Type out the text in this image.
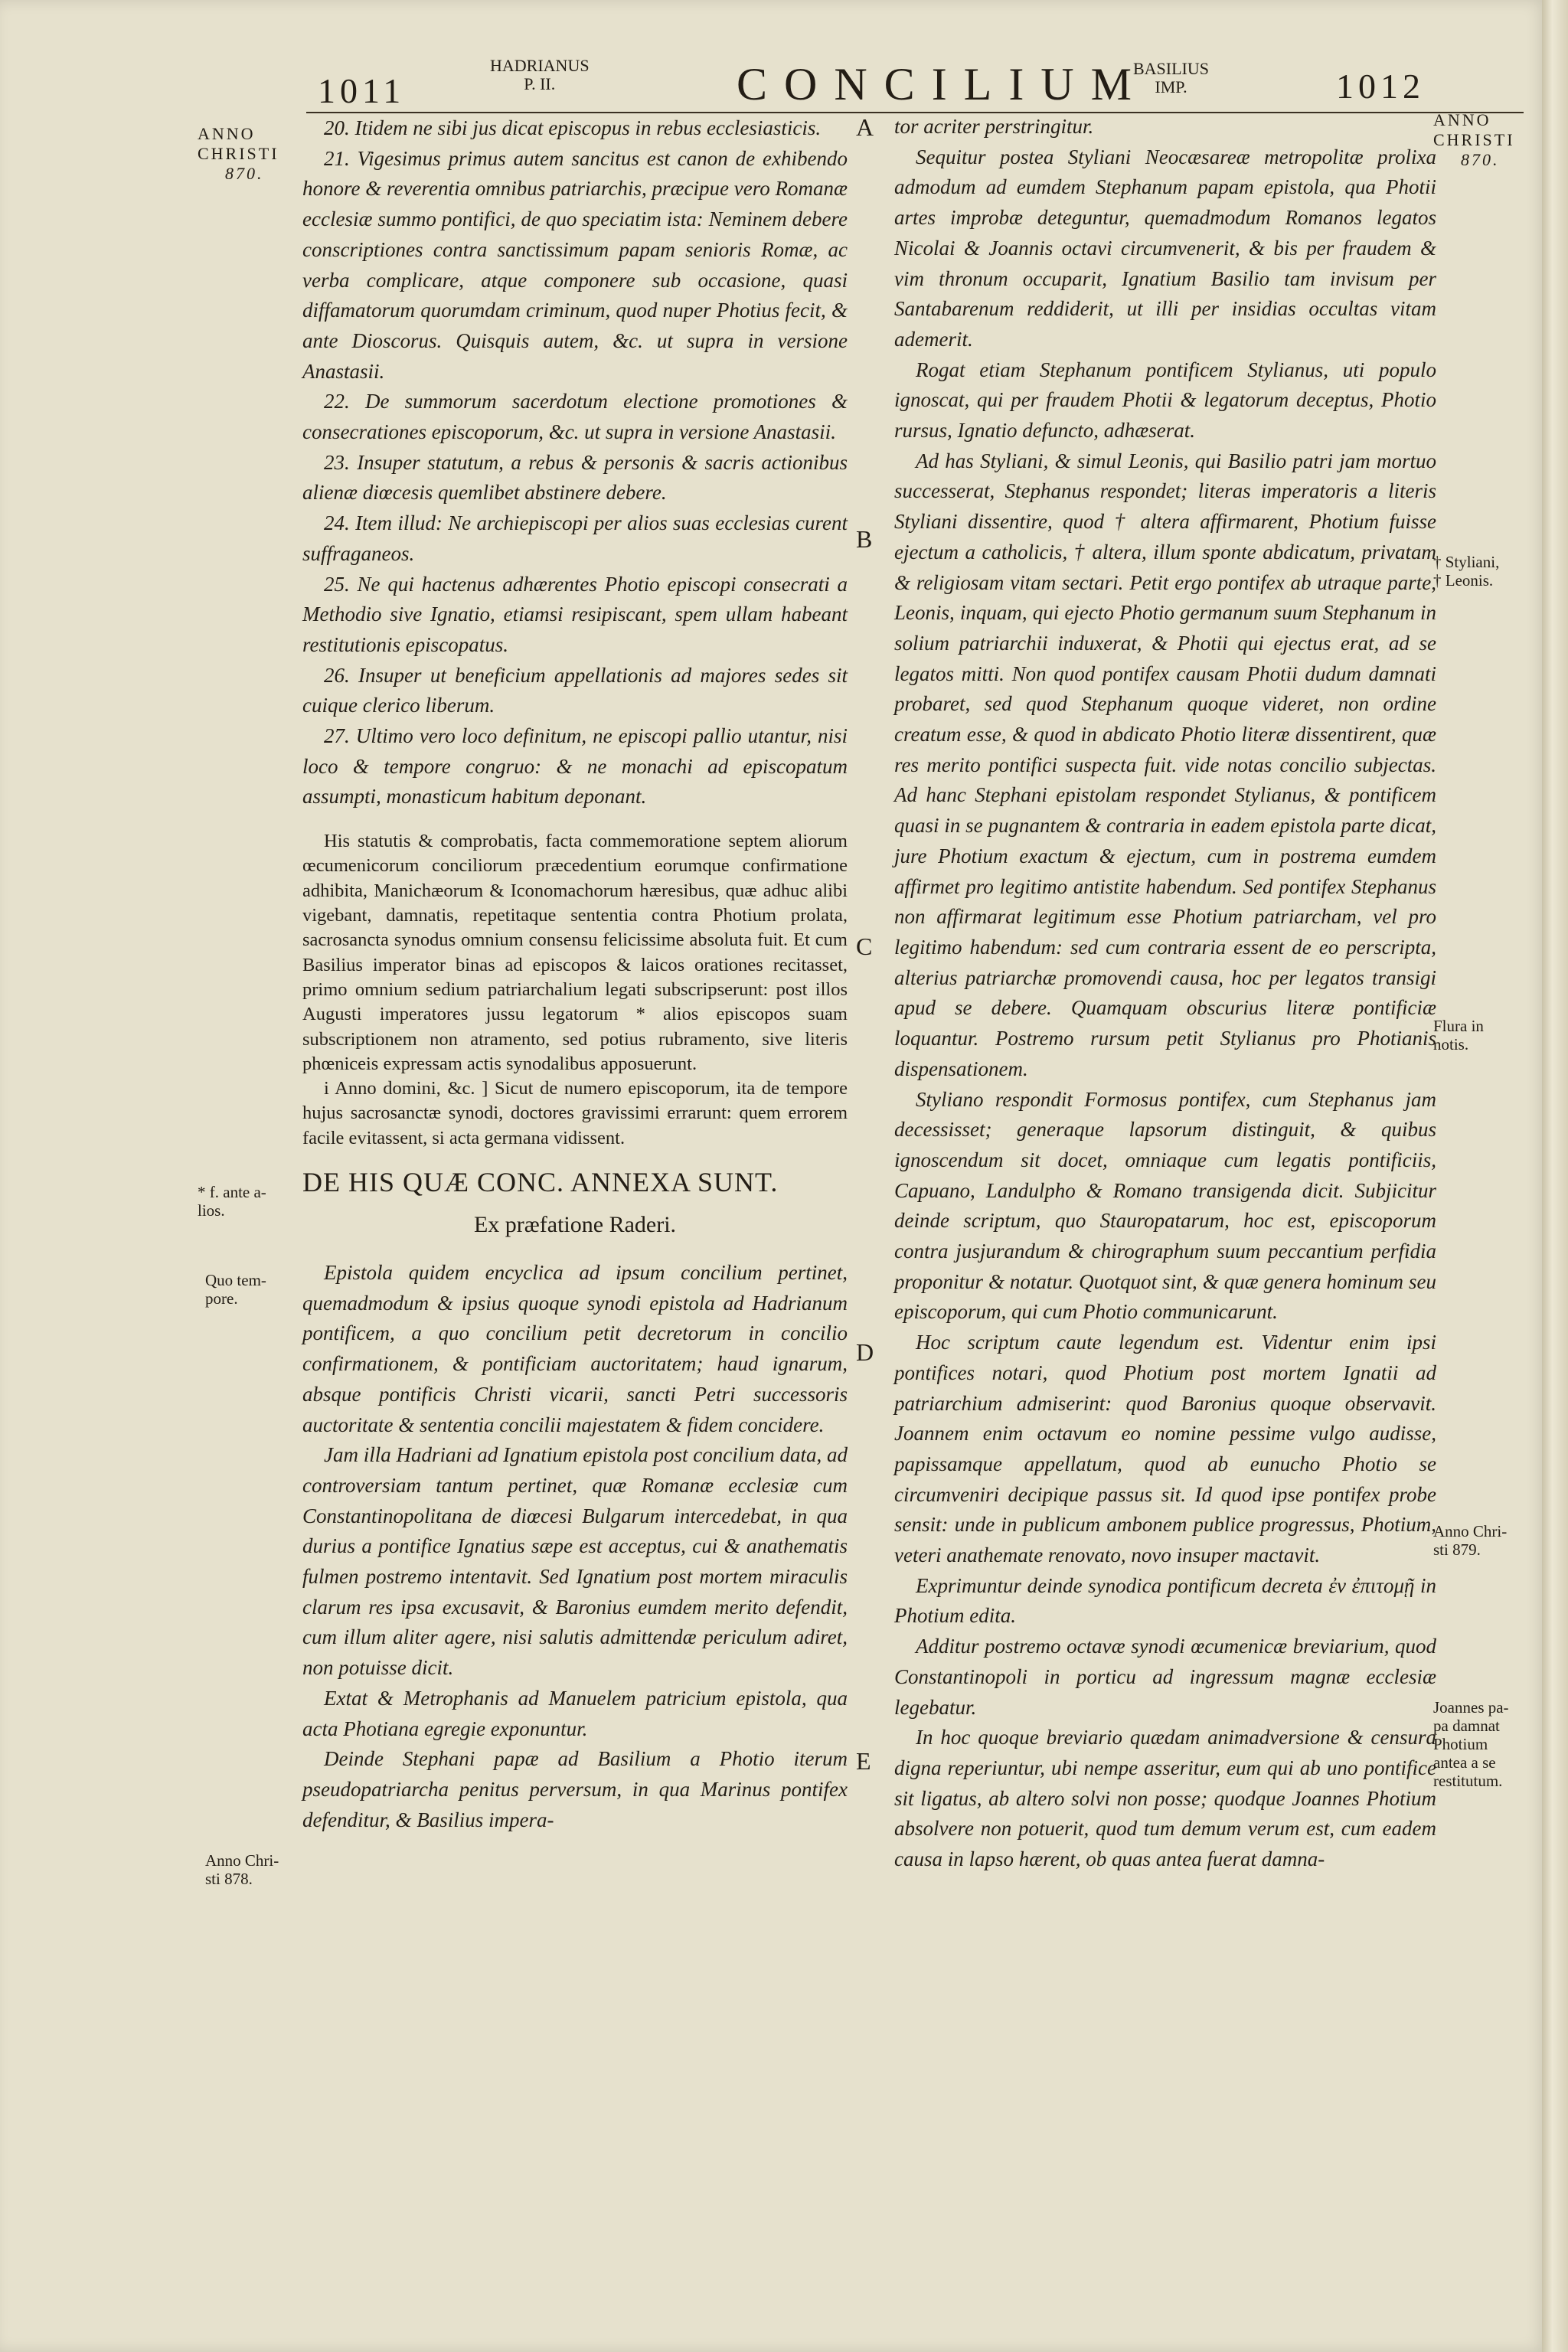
1011
HADRIANUS
P. II.	CONCILIUM
BASILIUS
IMP.	1012
ANNO
CHRISTI
870.
ANNO
CHRISTI
870.
* f. ante a-
lios.
Quo tem-
pore.
Anno Chri-
sti 878.
† Styliani,
† Leonis.
Flura in
notis.
Anno Chri-
sti 879.
Joannes pa-
pa damnat
Photium
antea a se
restitutum.
A
B
C
D
E

20. Itidem ne sibi jus dicat episcopus in rebus ecclesiasticis.

21. Vigesimus primus autem sancitus est canon de exhibendo honore & reverentia omnibus patriarchis, præcipue vero Romanæ ecclesiæ summo pontifici, de quo speciatim ista: Neminem debere conscriptiones contra sanctissimum papam senioris Romæ, ac verba complicare, atque componere sub occasione, quasi diffamatorum quorumdam criminum, quod nuper Photius fecit, & ante Dioscorus. Quisquis autem, &c. ut supra in versione Anastasii.

22. De summorum sacerdotum electione promotiones & consecrationes episcoporum, &c. ut supra in versione Anastasii.

23. Insuper statutum, a rebus & personis & sacris actionibus alienæ diœcesis quemlibet abstinere debere.

24. Item illud: Ne archiepiscopi per alios suas ecclesias curent suffraganeos.

25. Ne qui hactenus adhærentes Photio episcopi consecrati a Methodio sive Ignatio, etiamsi resipiscant, spem ullam habeant restitutionis episcopatus.

26. Insuper ut beneficium appellationis ad majores sedes sit cuique clerico liberum.

27. Ultimo vero loco definitum, ne episcopi pallio utantur, nisi loco & tempore congruo: & ne monachi ad episcopatum assumpti, monasticum habitum deponant.

His statutis & comprobatis, facta commemoratione septem aliorum œcumenicorum conciliorum præcedentium eorumque confirmatione adhibita, Manichæorum & Iconomachorum hæresibus, quæ adhuc alibi vigebant, damnatis, repetitaque sententia contra Photium prolata, sacrosancta synodus omnium consensu felicissime absoluta fuit. Et cum Basilius imperator binas ad episcopos & laicos orationes recitasset, primo omnium sedium patriarchalium legati subscripserunt: post illos Augusti imperatores jussu legatorum * alios episcopos suam subscriptionem non atramento, sed potius rubramento, sive literis phœniceis expressam actis synodalibus apposuerunt.

i Anno domini, &c. ] Sicut de numero episcoporum, ita de tempore hujus sacrosanctæ synodi, doctores gravissimi errarunt: quem errorem facile evitassent, si acta germana vidissent.

DE HIS QUÆ CONC. ANNEXA SUNT.
Ex præfatione Raderi.

Epistola quidem encyclica ad ipsum concilium pertinet, quemadmodum & ipsius quoque synodi epistola ad Hadrianum pontificem, a quo concilium petit decretorum in concilio confirmationem, & pontificiam auctoritatem; haud ignarum, absque pontificis Christi vicarii, sancti Petri successoris auctoritate & sententia concilii majestatem & fidem concidere.

Jam illa Hadriani ad Ignatium epistola post concilium data, ad controversiam tantum pertinet, quæ Romanæ ecclesiæ cum Constantinopolitana de diœcesi Bulgarum intercedebat, in qua durius a pontifice Ignatius sæpe est acceptus, cui & anathematis fulmen postremo intentavit. Sed Ignatium post mortem miraculis clarum res ipsa excusavit, & Baronius eumdem merito defendit, cum illum aliter agere, nisi salutis admittendæ periculum adiret, non potuisse dicit.

Extat & Metrophanis ad Manuelem patricium epistola, qua acta Photiana egregie exponuntur.

Deinde Stephani papæ ad Basilium a Photio iterum pseudopatriarcha penitus perversum, in qua Marinus pontifex defenditur, & Basilius impera-

tor acriter perstringitur.

Sequitur postea Styliani Neocæsareæ metropolitæ prolixa admodum ad eumdem Stephanum papam epistola, qua Photii artes improbæ deteguntur, quemadmodum Romanos legatos Nicolai & Joannis octavi circumvenerit, & bis per fraudem & vim thronum occuparit, Ignatium Basilio tam invisum per Santabarenum reddiderit, ut illi per insidias occultas vitam ademerit.

Rogat etiam Stephanum pontificem Stylianus, uti populo ignoscat, qui per fraudem Photii & legatorum deceptus, Photio rursus, Ignatio defuncto, adhæserat.

Ad has Styliani, & simul Leonis, qui Basilio patri jam mortuo successerat, Stephanus respondet; literas imperatoris a literis Styliani dissentire, quod † altera affirmarent, Photium fuisse ejectum a catholicis, † altera, illum sponte abdicatum, privatam & religiosam vitam sectari. Petit ergo pontifex ab utraque parte, Leonis, inquam, qui ejecto Photio germanum suum Stephanum in solium patriarchii induxerat, & Photii qui ejectus erat, ad se legatos mitti. Non quod pontifex causam Photii dudum damnati probaret, sed quod Stephanum quoque videret, non ordine creatum esse, & quod in abdicato Photio literæ dissentirent, quæ res merito pontifici suspecta fuit. vide notas concilio subjectas. Ad hanc Stephani epistolam respondet Stylianus, & pontificem quasi in se pugnantem & contraria in eadem epistola parte dicat, jure Photium exactum & ejectum, cum in postrema eumdem affirmet pro legitimo antistite habendum. Sed pontifex Stephanus non affirmarat legitimum esse Photium patriarcham, vel pro legitimo habendum: sed cum contraria essent de eo perscripta, alterius patriarchæ promovendi causa, hoc per legatos transigi apud se debere. Quamquam obscurius literæ pontificiæ loquantur. Postremo rursum petit Stylianus pro Photianis dispensationem.

Styliano respondit Formosus pontifex, cum Stephanus jam decessisset; generaque lapsorum distinguit, & quibus ignoscendum sit docet, omniaque cum legatis pontificiis, Capuano, Landulpho & Romano transigenda dicit. Subjicitur deinde scriptum, quo Stauropatarum, hoc est, episcoporum contra jusjurandum & chirographum suum peccantium perfidia proponitur & notatur. Quotquot sint, & quæ genera hominum seu episcoporum, qui cum Photio communicarunt.

Hoc scriptum caute legendum est. Videntur enim ipsi pontifices notari, quod Photium post mortem Ignatii ad patriarchium admiserint: quod Baronius quoque observavit. Joannem enim octavum eo nomine pessime vulgo audisse, papissamque appellatum, quod ab eunucho Photio se circumveniri decipique passus sit. Id quod ipse pontifex probe sensit: unde in publicum ambonem publice progressus, Photium, veteri anathemate renovato, novo insuper mactavit.

Exprimuntur deinde synodica pontificum decreta ἐν ἐπιτομῇ in Photium edita.

Additur postremo octavæ synodi œcumenicæ breviarium, quod Constantinopoli in porticu ad ingressum magnæ ecclesiæ legebatur.

In hoc quoque breviario quædam animadversione & censura digna reperiuntur, ubi nempe asseritur, eum qui ab uno pontifice sit ligatus, ab altero solvi non posse; quodque Joannes Photium absolvere non potuerit, quod tum demum verum est, cum eadem causa in lapso hærent, ob quas antea fuerat damna-
